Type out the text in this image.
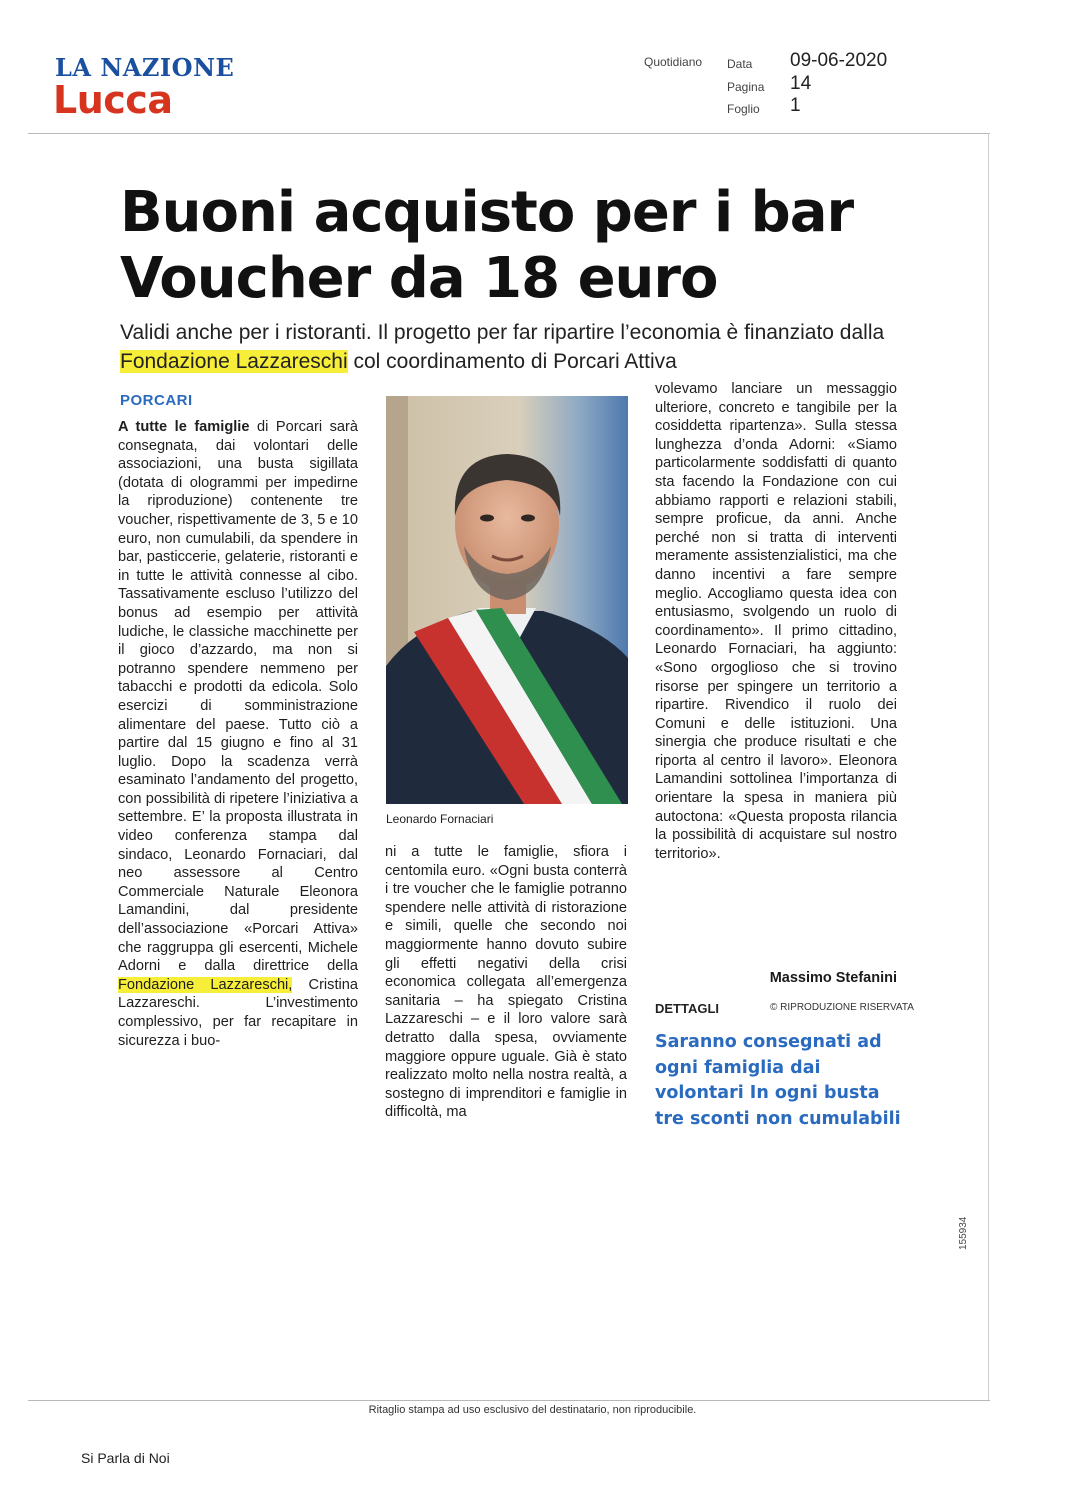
LA NAZIONE
Lucca
Quotidiano Data 09-06-2020
Pagina 14
Foglio 1
Buoni acquisto per i bar
Voucher da 18 euro
Validi anche per i ristoranti. Il progetto per far ripartire l’economia è finanziato dalla Fondazione Lazzareschi col coordinamento di Porcari Attiva
PORCARI
A tutte le famiglie di Porcari sarà consegnata, dai volontari delle associazioni, una busta sigillata (dotata di ologrammi per impedirne la riproduzione) contenente tre voucher, rispettivamente de 3, 5 e 10 euro, non cumulabili, da spendere in bar, pasticcerie, gelaterie, ristoranti e in tutte le attività connesse al cibo. Tassativamente escluso l’utilizzo del bonus ad esempio per attività ludiche, le classiche macchinette per il gioco d’azzardo, ma non si potranno spendere nemmeno per tabacchi e prodotti da edicola. Solo esercizi di somministrazione alimentare del paese. Tutto ciò a partire dal 15 giugno e fino al 31 luglio. Dopo la scadenza verrà esaminato l’andamento del progetto, con possibilità di ripetere l’iniziativa a settembre. E’ la proposta illustrata in video conferenza stampa dal sindaco, Leonardo Fornaciari, dal neo assessore al Centro Commerciale Naturale Eleonora Lamandini, dal presidente dell’associazione «Porcari Attiva» che raggruppa gli esercenti, Michele Adorni e dalla direttrice della Fondazione Lazzareschi, Cristina Lazzareschi. L’investimento complessivo, per far recapitare in sicurezza i buo-
Leonardo Fornaciari
ni a tutte le famiglie, sfiora i centomila euro. «Ogni busta conterrà i tre voucher che le famiglie potranno spendere nelle attività di ristorazione e simili, quelle che secondo noi maggiormente hanno dovuto subire gli effetti negativi della crisi economica collegata all’emergenza sanitaria – ha spiegato Cristina Lazzareschi – e il loro valore sarà detratto dalla spesa, ovviamente maggiore oppure uguale. Già è stato realizzato molto nella nostra realtà, a sostegno di imprenditori e famiglie in difficoltà, ma
volevamo lanciare un messaggio ulteriore, concreto e tangibile per la cosiddetta ripartenza». Sulla stessa lunghezza d’onda Adorni: «Siamo particolarmente soddisfatti di quanto sta facendo la Fondazione con cui abbiamo rapporti e relazioni stabili, sempre proficue, da anni. Anche perché non si tratta di interventi meramente assistenzialistici, ma che danno incentivi a fare sempre meglio. Accogliamo questa idea con entusiasmo, svolgendo un ruolo di coordinamento». Il primo cittadino, Leonardo Fornaciari, ha aggiunto: «Sono orgoglioso che si trovino risorse per spingere un territorio a ripartire. Rivendico il ruolo dei Comuni e delle istituzioni. Una sinergia che produce risultati e che riporta al centro il lavoro». Eleonora Lamandini sottolinea l’importanza di orientare la spesa in maniera più autoctona: «Questa proposta rilancia la possibilità di acquistare sul nostro territorio».
Massimo Stefanini
DETTAGLI	© RIPRODUZIONE RISERVATA
Saranno consegnati ad ogni famiglia dai volontari In ogni busta tre sconti non cumulabili
155934
Ritaglio stampa ad uso esclusivo del destinatario, non riproducibile.
Si Parla di Noi
